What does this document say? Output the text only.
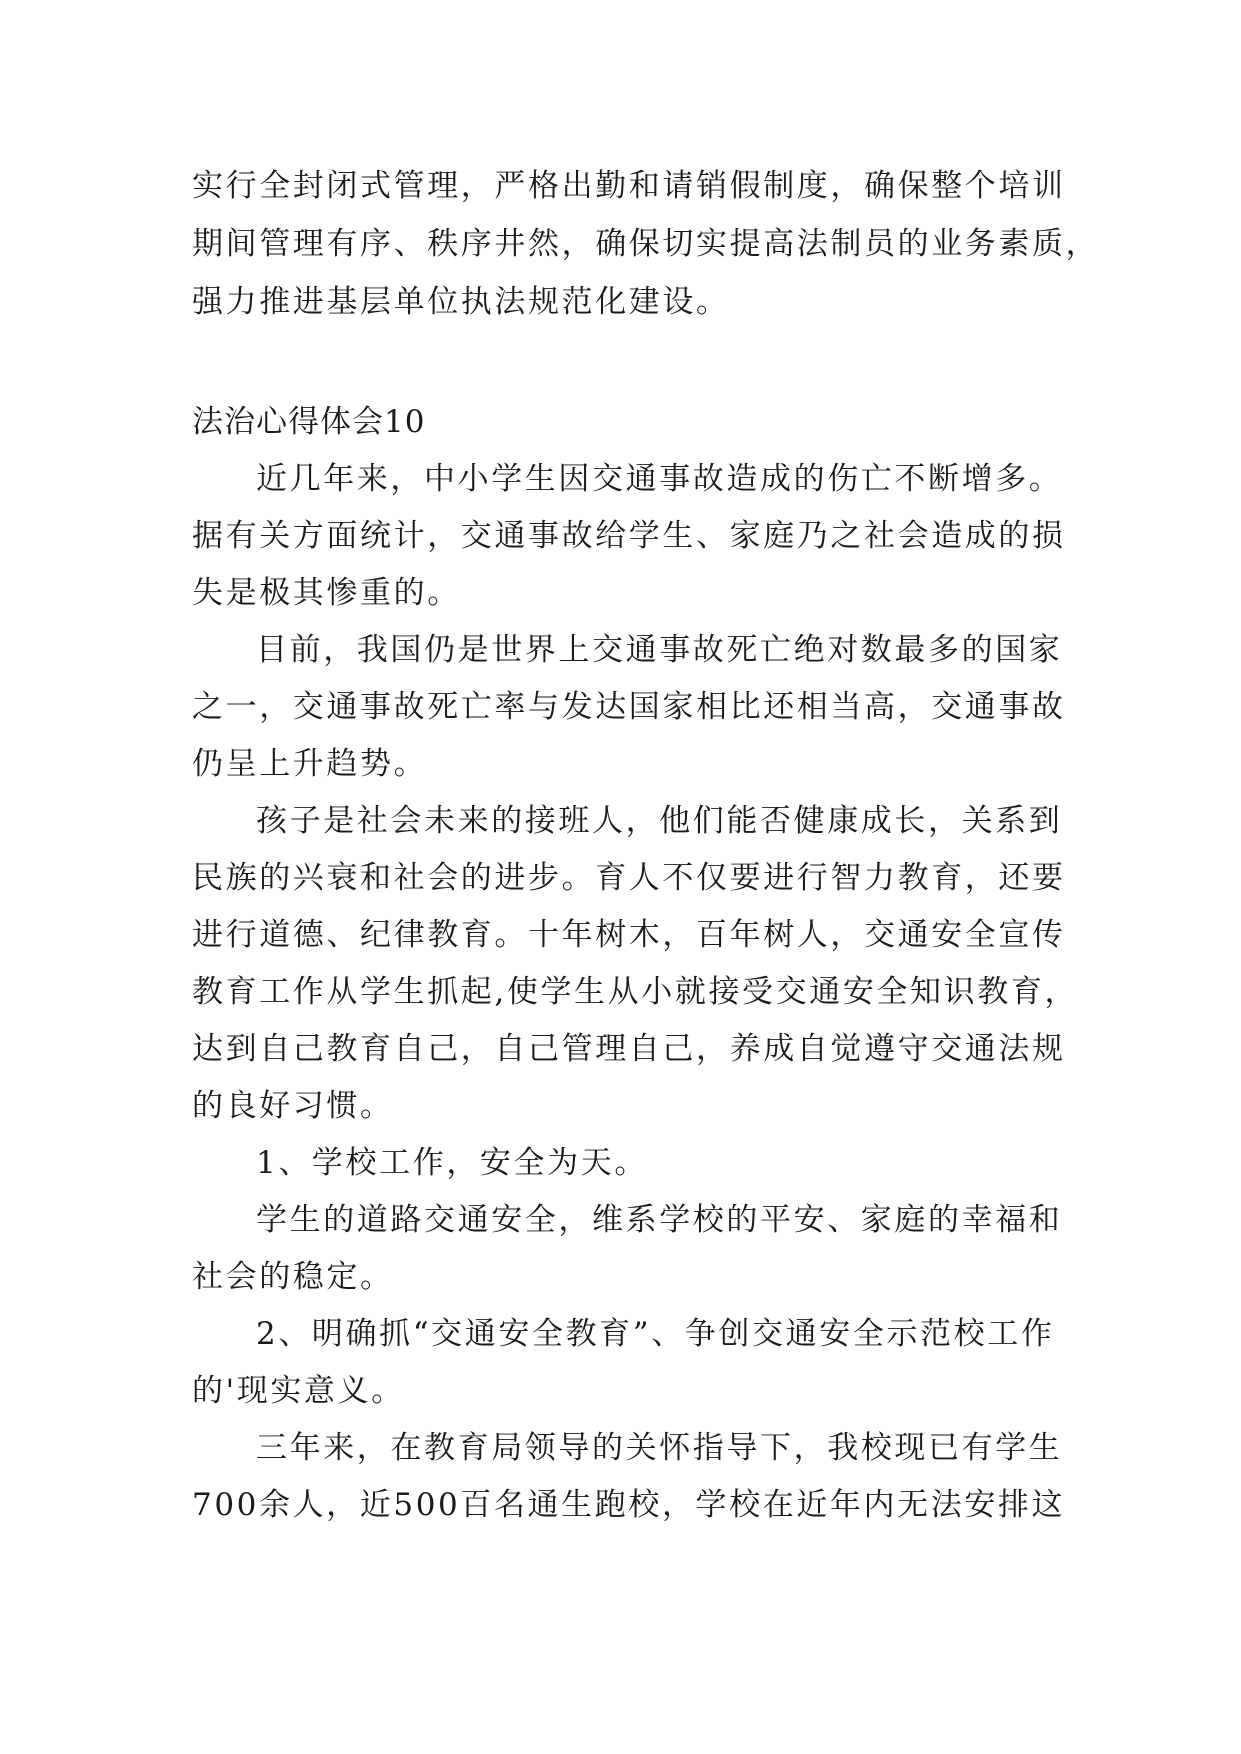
实行全封闭式管理，严格出勤和请销假制度，确保整个培训
期间管理有序、秩序井然，确保切实提高法制员的业务素质，
强力推进基层单位执法规范化建设。
法治心得体会10
近几年来，中小学生因交通事故造成的伤亡不断增多。
据有关方面统计，交通事故给学生、家庭乃之社会造成的损
失是极其惨重的。
目前，我国仍是世界上交通事故死亡绝对数最多的国家
之一，交通事故死亡率与发达国家相比还相当高，交通事故
仍呈上升趋势。
孩子是社会未来的接班人，他们能否健康成长，关系到
民族的兴衰和社会的进步。育人不仅要进行智力教育，还要
进行道德、纪律教育。十年树木，百年树人，交通安全宣传
教育工作从学生抓起,使学生从小就接受交通安全知识教育，
达到自己教育自己，自己管理自己，养成自觉遵守交通法规
的良好习惯。
1、学校工作，安全为天。
学生的道路交通安全，维系学校的平安、家庭的幸福和
社会的稳定。
2、明确抓“交通安全教育”、争创交通安全示范校工作
的'现实意义。
三年来，在教育局领导的关怀指导下，我校现已有学生
700余人，近500百名通生跑校，学校在近年内无法安排这
